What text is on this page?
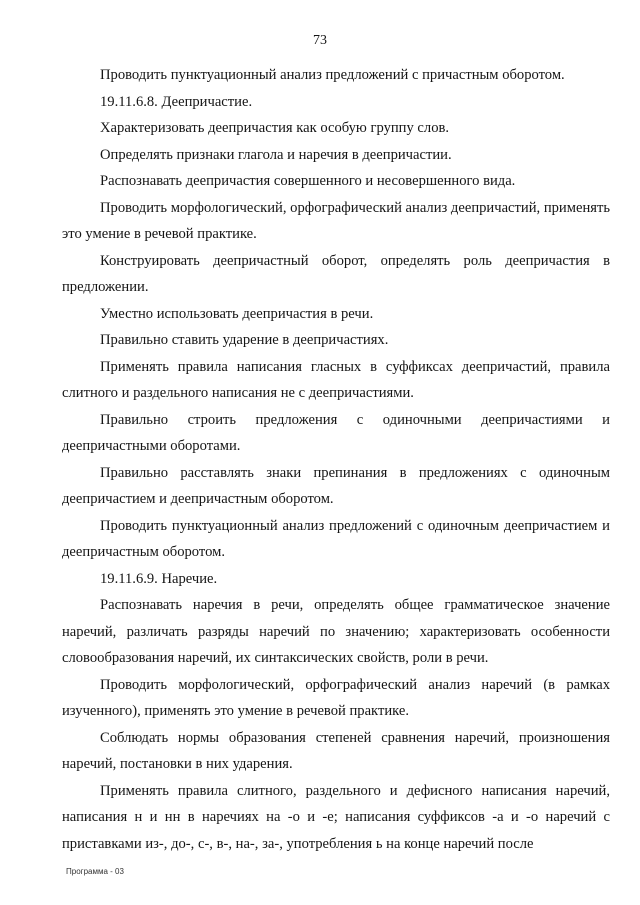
73

Проводить пунктуационный анализ предложений с причастным оборотом.

19.11.6.8. Деепричастие.

Характеризовать деепричастия как особую группу слов.

Определять признаки глагола и наречия в деепричастии.

Распознавать деепричастия совершенного и несовершенного вида.

Проводить морфологический, орфографический анализ деепричастий, применять это умение в речевой практике.

Конструировать деепричастный оборот, определять роль деепричастия в предложении.

Уместно использовать деепричастия в речи.

Правильно ставить ударение в деепричастиях.

Применять правила написания гласных в суффиксах деепричастий, правила слитного и раздельного написания не с деепричастиями.

Правильно строить предложения с одиночными деепричастиями и деепричастными оборотами.

Правильно расставлять знаки препинания в предложениях с одиночным деепричастием и деепричастным оборотом.

Проводить пунктуационный анализ предложений с одиночным деепричастием и деепричастным оборотом.

19.11.6.9. Наречие.

Распознавать наречия в речи, определять общее грамматическое значение наречий, различать разряды наречий по значению; характеризовать особенности словообразования наречий, их синтаксических свойств, роли в речи.

Проводить морфологический, орфографический анализ наречий (в рамках изученного), применять это умение в речевой практике.

Соблюдать нормы образования степеней сравнения наречий, произношения наречий, постановки в них ударения.

Применять правила слитного, раздельного и дефисного написания наречий, написания н и нн в наречиях на -о и -е; написания суффиксов -а и -о наречий с приставками из-, до-, с-, в-, на-, за-, употребления ь на конце наречий после

Программа - 03
